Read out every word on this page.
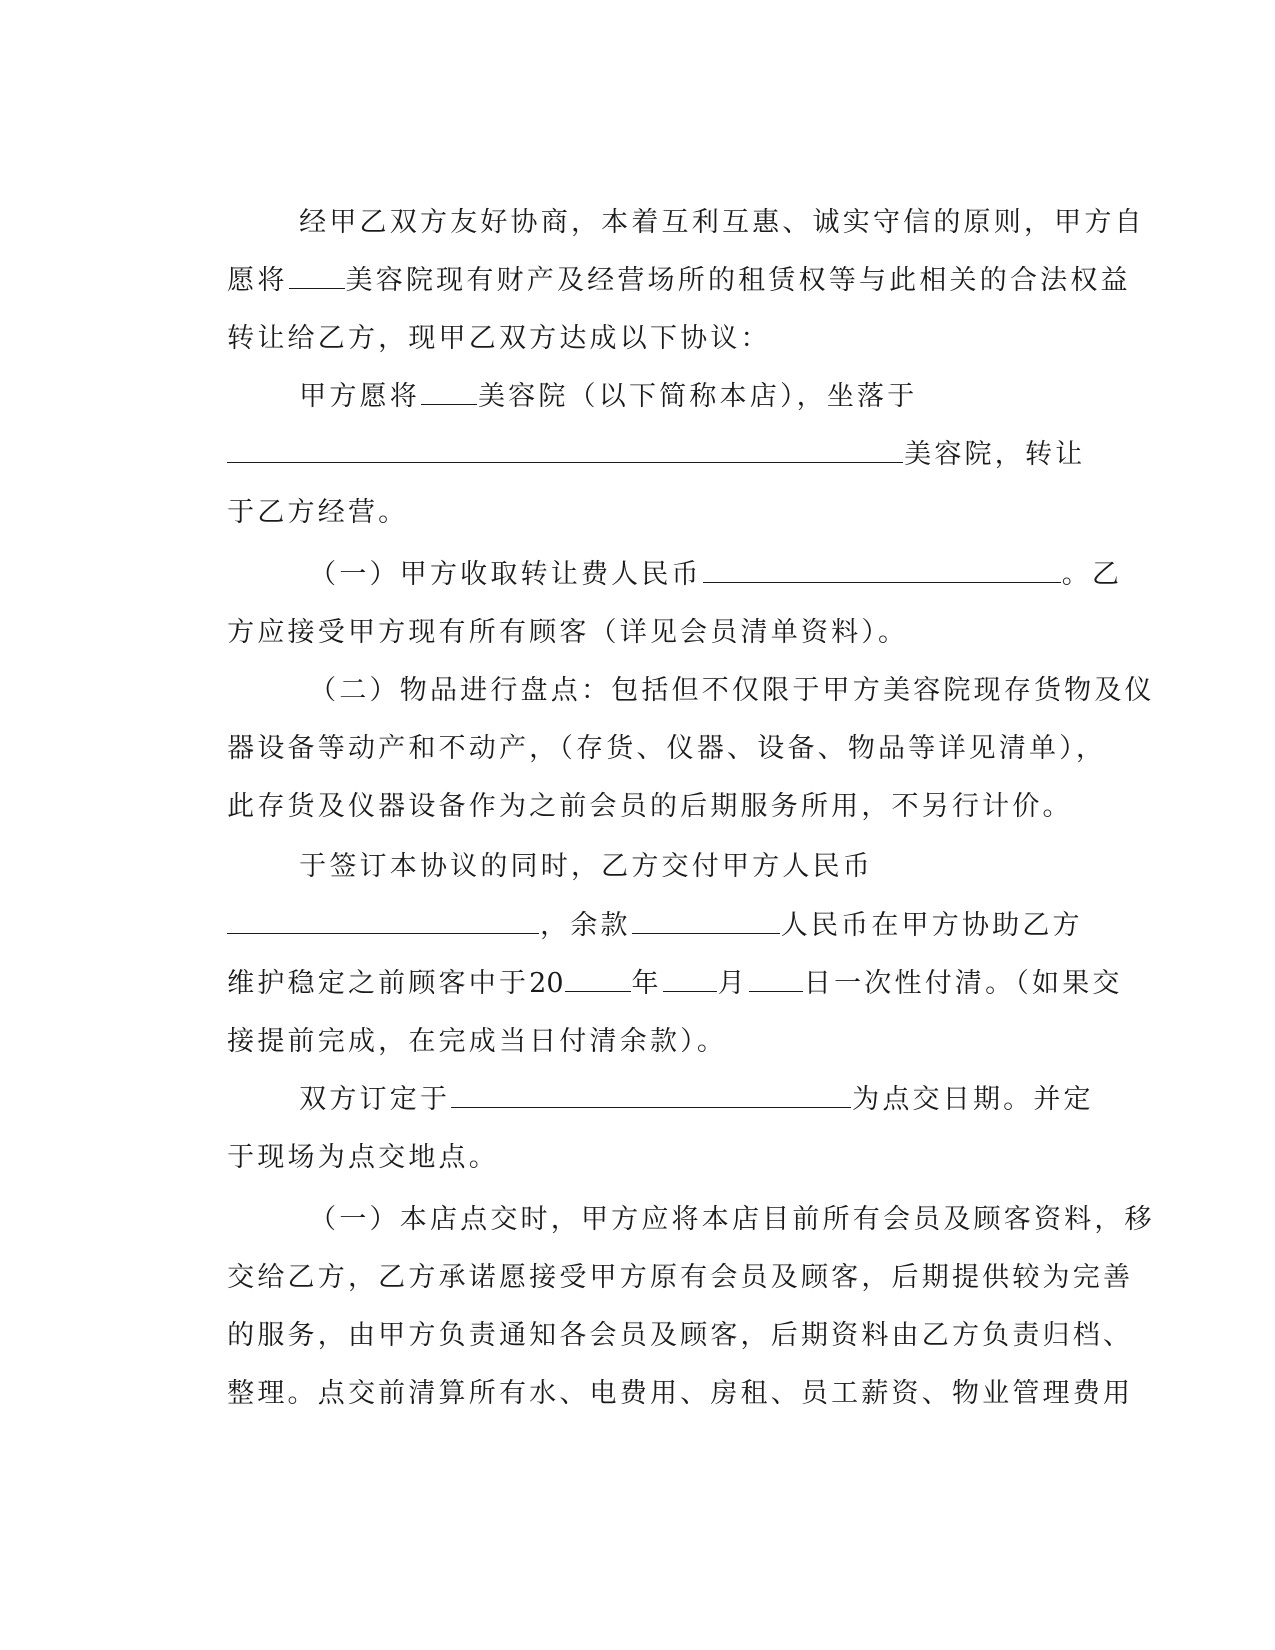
经甲乙双方友好协商，本着互利互惠、诚实守信的原则，甲方自

愿将 美容院现有财产及经营场所的租赁权等与此相关的合法权益

转让给乙方，现甲乙双方达成以下协议：

甲方愿将 美容院（以下简称本店），坐落于

美容院，转让

于乙方经营。

（一）甲方收取转让费人民币	。乙

方应接受甲方现有所有顾客（详见会员清单资料）。

（二）物品进行盘点：包括但不仅限于甲方美容院现存货物及仪

器设备等动产和不动产，（存货、仪器、设备、物品等详见清单），

此存货及仪器设备作为之前会员的后期服务所用，不另行计价。

于签订本协议的同时，乙方交付甲方人民币

，余款	人民币在甲方协助乙方

维护稳定之前顾客中于20	年 月 日一次性付清。（如果交

接提前完成，在完成当日付清余款）。

双方订定于	为点交日期。并定

于现场为点交地点。

（一）本店点交时，甲方应将本店目前所有会员及顾客资料，移

交给乙方，乙方承诺愿接受甲方原有会员及顾客，后期提供较为完善

的服务，由甲方负责通知各会员及顾客，后期资料由乙方负责归档、

整理。点交前清算所有水、电费用、房租、员工薪资、物业管理费用
